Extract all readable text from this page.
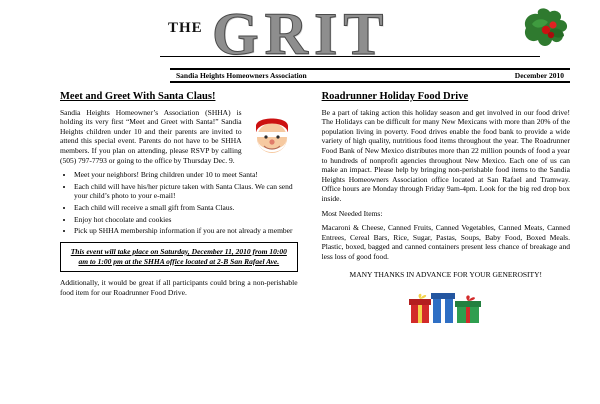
THE GRIT
Sandia Heights Homeowners Association	December 2010
Meet and Greet With Santa Claus!

Sandia Heights Homeowner’s Association (SHHA) is holding its very first “Meet and Greet with Santa!” Sandia Heights children under 10 and their parents are invited to attend this special event. Parents do not have to be SHHA members. If you plan on attending, please RSVP by calling (505) 797-7793 or going to the office by Thursday Dec. 9.

• Meet your neighbors! Bring children under 10 to meet Santa!
• Each child will have his/her picture taken with Santa Claus. We can send your child’s photo to your e-mail!
• Each child will receive a small gift from Santa Claus.
• Enjoy hot chocolate and cookies
• Pick up SHHA membership information if you are not already a member
This event will take place on Saturday, December 11, 2010 from 10:00 am to 1:00 pm at the SHHA office located at 2-B San Rafael Ave.

Additionally, it would be great if all participants could bring a non-perishable food item for our Roadrunner Food Drive.

Roadrunner Holiday Food Drive

Be a part of taking action this holiday season and get involved in our food drive! The Holidays can be difficult for many New Mexicans with more than 20% of the population living in poverty. Food drives enable the food bank to provide a wide variety of high quality, nutritious food items throughout the year. The Roadrunner Food Bank of New Mexico distributes more than 22 million pounds of food a year to hundreds of nonprofit agencies throughout New Mexico. Each one of us can make an impact. Please help by bringing non-perishable food items to the Sandia Heights Homeowners Association office located at San Rafael and Tramway. Office hours are Monday through Friday 9am-4pm. Look for the big red drop box inside.

Most Needed Items:

Macaroni & Cheese, Canned Fruits, Canned Vegetables, Canned Meats, Canned Entrees, Cereal Bars, Rice, Sugar, Pastas, Soups, Baby Food, Boxed Meals. Plastic, boxed, bagged and canned containers present less chance of breakage and less loss of good food.

MANY THANKS IN ADVANCE FOR YOUR GENEROSITY!
